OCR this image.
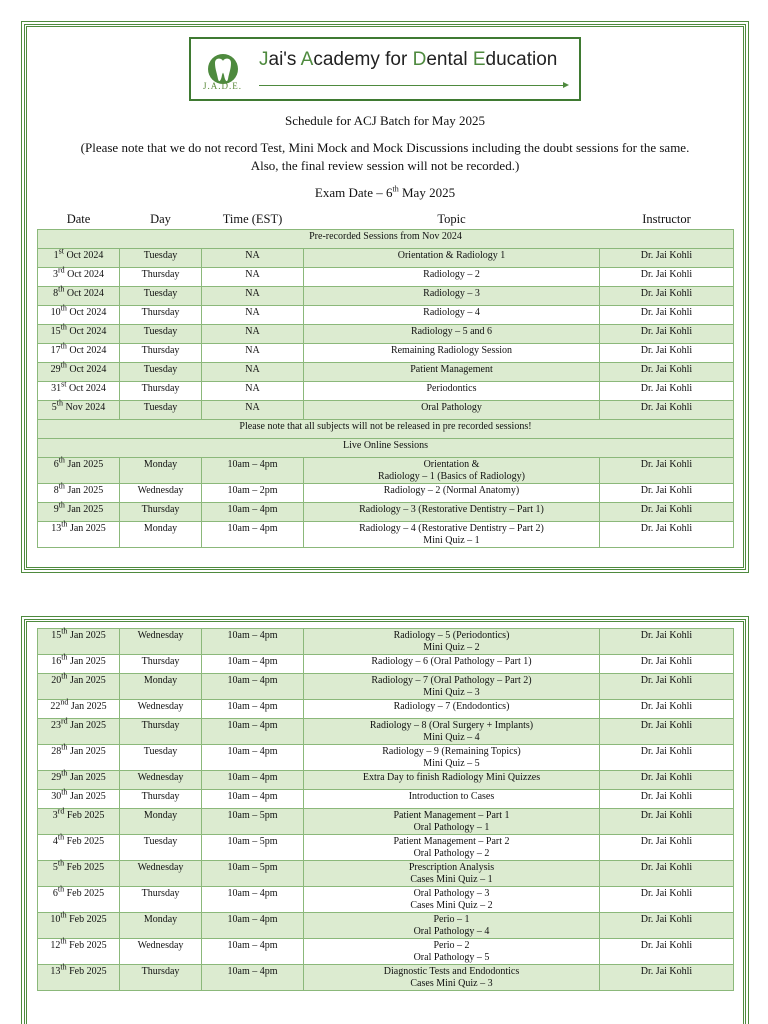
J.A.D.E.
Jai's Academy for Dental Education
Schedule for ACJ Batch for May 2025
(Please note that we do not record Test, Mini Mock and Mock Discussions including the doubt sessions for the same.
Also, the final review session will not be recorded.)
Exam Date – 6th May 2025
Date	Day	Time (EST)	Topic	Instructor
Pre-recorded Sessions from Nov 2024				
1st Oct 2024	Tuesday	NA	Orientation & Radiology 1	Dr. Jai Kohli
3rd Oct 2024	Thursday	NA	Radiology – 2	Dr. Jai Kohli
8th Oct 2024	Tuesday	NA	Radiology – 3	Dr. Jai Kohli
10th Oct 2024	Thursday	NA	Radiology – 4	Dr. Jai Kohli
15th Oct 2024	Tuesday	NA	Radiology – 5 and 6	Dr. Jai Kohli
17th Oct 2024	Thursday	NA	Remaining Radiology Session	Dr. Jai Kohli
29th Oct 2024	Tuesday	NA	Patient Management	Dr. Jai Kohli
31st Oct 2024	Thursday	NA	Periodontics	Dr. Jai Kohli
5th Nov 2024	Tuesday	NA	Oral Pathology	Dr. Jai Kohli
Please note that all subjects will not be released in pre recorded sessions!				
Live Online Sessions				
6th Jan 2025	Monday	10am – 4pm	Orientation &
Radiology – 1 (Basics of Radiology)	Dr. Jai Kohli
8th Jan 2025	Wednesday	10am – 2pm	Radiology – 2 (Normal Anatomy)	Dr. Jai Kohli
9th Jan 2025	Thursday	10am – 4pm	Radiology – 3 (Restorative Dentistry – Part 1)	Dr. Jai Kohli
13th Jan 2025	Monday	10am – 4pm	Radiology – 4 (Restorative Dentistry – Part 2)
Mini Quiz – 1	Dr. Jai Kohli
15th Jan 2025	Wednesday	10am – 4pm	Radiology – 5 (Periodontics)
Mini Quiz – 2	Dr. Jai Kohli
16th Jan 2025	Thursday	10am – 4pm	Radiology – 6 (Oral Pathology – Part 1)	Dr. Jai Kohli
20th Jan 2025	Monday	10am – 4pm	Radiology – 7 (Oral Pathology – Part 2)
Mini Quiz – 3	Dr. Jai Kohli
22nd Jan 2025	Wednesday	10am – 4pm	Radiology – 7 (Endodontics)	Dr. Jai Kohli
23rd Jan 2025	Thursday	10am – 4pm	Radiology – 8 (Oral Surgery + Implants)
Mini Quiz – 4	Dr. Jai Kohli
28th Jan 2025	Tuesday	10am – 4pm	Radiology – 9 (Remaining Topics)
Mini Quiz – 5	Dr. Jai Kohli
29th Jan 2025	Wednesday	10am – 4pm	Extra Day to finish Radiology Mini Quizzes	Dr. Jai Kohli
30th Jan 2025	Thursday	10am – 4pm	Introduction to Cases	Dr. Jai Kohli
3rd Feb 2025	Monday	10am – 5pm	Patient Management – Part 1
Oral Pathology – 1	Dr. Jai Kohli
4th Feb 2025	Tuesday	10am – 5pm	Patient Management – Part 2
Oral Pathology – 2	Dr. Jai Kohli
5th Feb 2025	Wednesday	10am – 5pm	Prescription Analysis
Cases Mini Quiz – 1	Dr. Jai Kohli
6th Feb 2025	Thursday	10am – 4pm	Oral Pathology – 3
Cases Mini Quiz – 2	Dr. Jai Kohli
10th Feb 2025	Monday	10am – 4pm	Perio – 1
Oral Pathology – 4	Dr. Jai Kohli
12th Feb 2025	Wednesday	10am – 4pm	Perio – 2
Oral Pathology – 5	Dr. Jai Kohli
13th Feb 2025	Thursday	10am – 4pm	Diagnostic Tests and Endodontics
Cases Mini Quiz – 3	Dr. Jai Kohli
